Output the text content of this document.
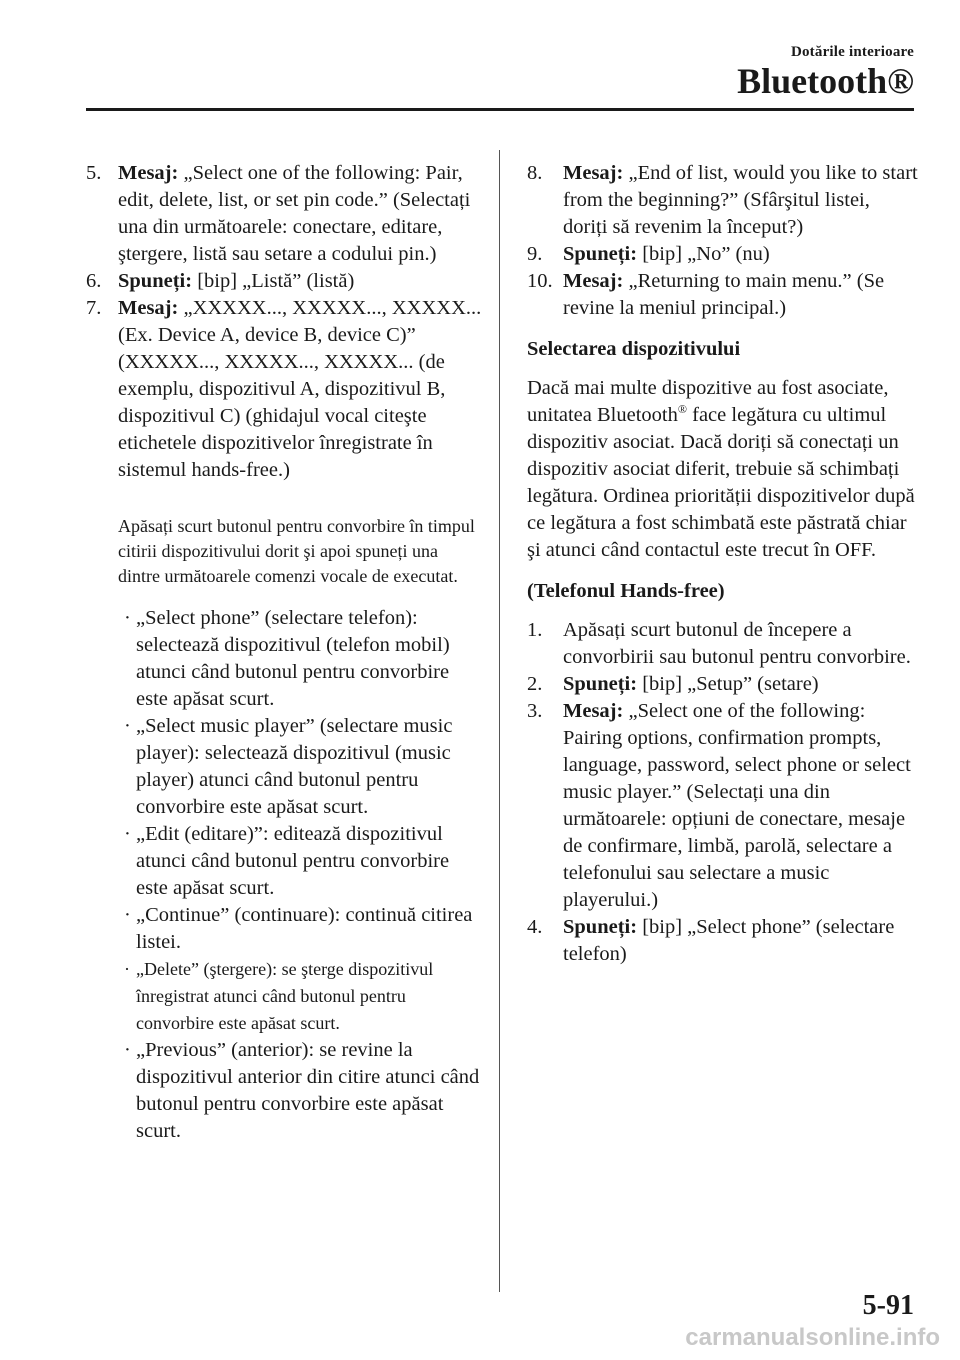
Dotările interioare
Bluetooth®
5. Mesaj: „Select one of the following: Pair, edit, delete, list, or set pin code.” (Selectați una din următoarele: conectare, editare, ştergere, listă sau setare a codului pin.)
6. Spuneți: [bip] „Listă” (listă)
7. Mesaj: „XXXXX..., XXXXX..., XXXXX... (Ex. Device A, device B, device C)” (XXXXX..., XXXXX..., XXXXX... (de exemplu, dispozitivul A, dispozitivul B, dispozitivul C) (ghidajul vocal citeşte etichetele dispozitivelor înregistrate în sistemul hands-free.)
Apăsați scurt butonul pentru convorbire în timpul citirii dispozitivului dorit şi apoi spuneți una dintre următoarele comenzi vocale de executat.
· „Select phone” (selectare telefon): selectează dispozitivul (telefon mobil) atunci când butonul pentru convorbire este apăsat scurt.
· „Select music player” (selectare music player): selectează dispozitivul (music player) atunci când butonul pentru convorbire este apăsat scurt.
· „Edit (editare)”: editează dispozitivul atunci când butonul pentru convorbire este apăsat scurt.
· „Continue” (continuare): continuă citirea listei.
· „Delete” (ştergere): se şterge dispozitivul înregistrat atunci când butonul pentru convorbire este apăsat scurt.
· „Previous” (anterior): se revine la dispozitivul anterior din citire atunci când butonul pentru convorbire este apăsat scurt.
8. Mesaj: „End of list, would you like to start from the beginning?” (Sfârşitul listei, doriți să revenim la început?)
9. Spuneți: [bip] „No” (nu)
10. Mesaj: „Returning to main menu.” (Se revine la meniul principal.)
Selectarea dispozitivului
Dacă mai multe dispozitive au fost asociate, unitatea Bluetooth® face legătura cu ultimul dispozitiv asociat. Dacă doriți să conectați un dispozitiv asociat diferit, trebuie să schimbați legătura. Ordinea priorității dispozitivelor după ce legătura a fost schimbată este păstrată chiar şi atunci când contactul este trecut în OFF.
(Telefonul Hands-free)
1. Apăsați scurt butonul de începere a convorbirii sau butonul pentru convorbire.
2. Spuneți: [bip] „Setup” (setare)
3. Mesaj: „Select one of the following: Pairing options, confirmation prompts, language, password, select phone or select music player.” (Selectați una din următoarele: opțiuni de conectare, mesaje de confirmare, limbă, parolă, selectare a telefonului sau selectare a music playerului.)
4. Spuneți: [bip] „Select phone” (selectare telefon)
5-91
carmanualsonline.info
